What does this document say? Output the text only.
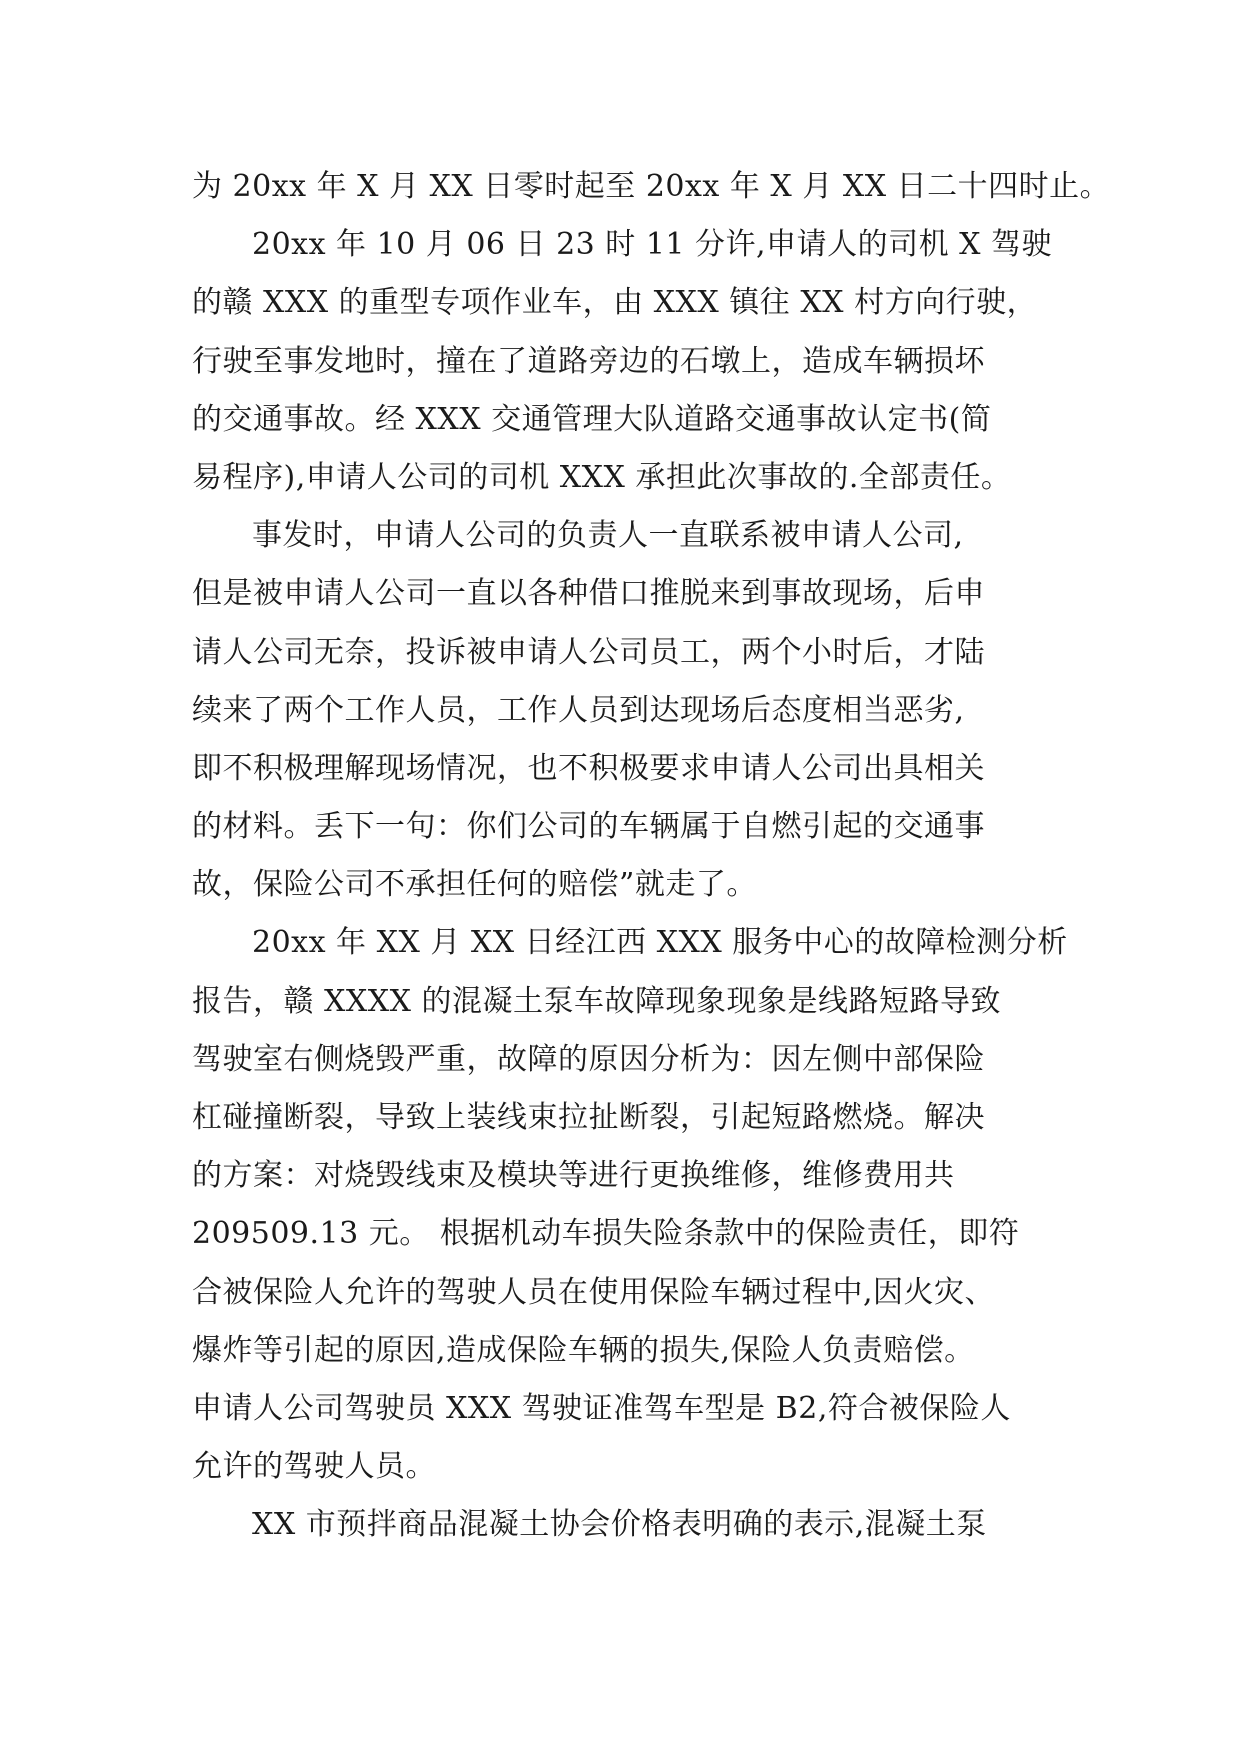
为 20xx 年 X 月 XX 日零时起至 20xx 年 X 月 XX 日二十四时止。
20xx 年 10 月 06 日 23 时 11 分许,申请人的司机 X 驾驶
的赣 XXX 的重型专项作业车，由 XXX 镇往 XX 村方向行驶，
行驶至事发地时，撞在了道路旁边的石墩上，造成车辆损坏
的交通事故。经 XXX 交通管理大队道路交通事故认定书(简
易程序),申请人公司的司机 XXX 承担此次事故的.全部责任。
事发时，申请人公司的负责人一直联系被申请人公司,
但是被申请人公司一直以各种借口推脱来到事故现场，后申
请人公司无奈，投诉被申请人公司员工，两个小时后，才陆
续来了两个工作人员，工作人员到达现场后态度相当恶劣,
即不积极理解现场情况，也不积极要求申请人公司出具相关
的材料。丢下一句：你们公司的车辆属于自燃引起的交通事
故，保险公司不承担任何的赔偿”就走了。
20xx 年 XX 月 XX 日经江西 XXX 服务中心的故障检测分析
报告，赣 XXXX 的混凝土泵车故障现象现象是线路短路导致
驾驶室右侧烧毁严重，故障的原因分析为：因左侧中部保险
杠碰撞断裂，导致上装线束拉扯断裂，引起短路燃烧。解决
的方案：对烧毁线束及模块等进行更换维修，维修费用共
209509.13 元。 根据机动车损失险条款中的保险责任，即符
合被保险人允许的驾驶人员在使用保险车辆过程中,因火灾、
爆炸等引起的原因,造成保险车辆的损失,保险人负责赔偿。
申请人公司驾驶员 XXX 驾驶证准驾车型是 B2,符合被保险人
允许的驾驶人员。
XX 市预拌商品混凝土协会价格表明确的表示,混凝土泵
